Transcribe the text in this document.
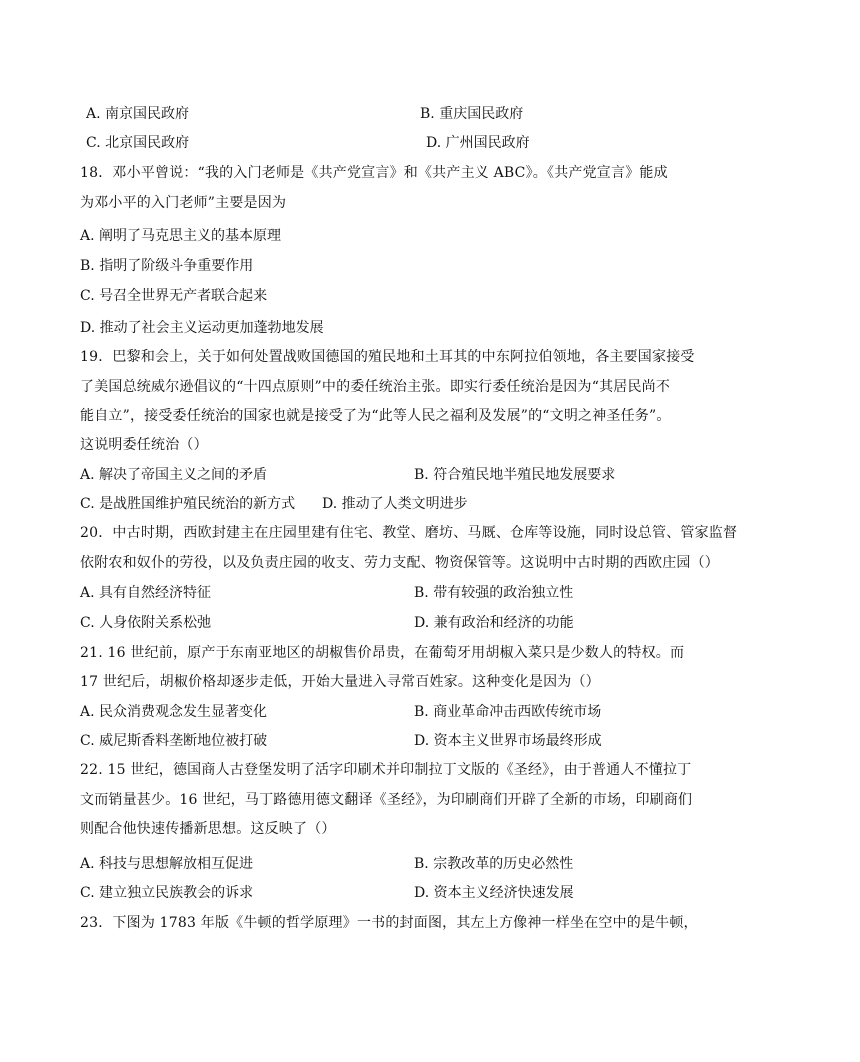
A. 南京国民政府	B. 重庆国民政府
C. 北京国民政府	D. 广州国民政府
18．邓小平曾说：“我的入门老师是《共产党宣言》和《共产主义 ABC》。《共产党宣言》能成
为邓小平的入门老师”主要是因为
A. 阐明了马克思主义的基本原理
B. 指明了阶级斗争重要作用
C. 号召全世界无产者联合起来
D. 推动了社会主义运动更加蓬勃地发展
19．巴黎和会上，关于如何处置战败国德国的殖民地和土耳其的中东阿拉伯领地，各主要国家接受
了美国总统威尔逊倡议的“十四点原则”中的委任统治主张。即实行委任统治是因为“其居民尚不
能自立”，接受委任统治的国家也就是接受了为“此等人民之福利及发展”的“文明之神圣任务”。
这说明委任统治（）
A. 解决了帝国主义之间的矛盾	B. 符合殖民地半殖民地发展要求
C. 是战胜国维护殖民统治的新方式 D. 推动了人类文明进步
20．中古时期，西欧封建主在庄园里建有住宅、教堂、磨坊、马厩、仓库等设施，同时设总管、管家监督
依附农和奴仆的劳役，以及负责庄园的收支、劳力支配、物资保管等。这说明中古时期的西欧庄园（）
A. 具有自然经济特征	B. 带有较强的政治独立性
C. 人身依附关系松弛	D. 兼有政治和经济的功能
21. 16 世纪前，原产于东南亚地区的胡椒售价昂贵，在葡萄牙用胡椒入菜只是少数人的特权。而
17 世纪后，胡椒价格却逐步走低，开始大量进入寻常百姓家。这种变化是因为（）
A. 民众消费观念发生显著变化	B. 商业革命冲击西欧传统市场
C. 威尼斯香料垄断地位被打破	D. 资本主义世界市场最终形成
22. 15 世纪，德国商人古登堡发明了活字印刷术并印制拉丁文版的《圣经》，由于普通人不懂拉丁
文而销量甚少。16 世纪，马丁路德用德文翻译《圣经》，为印刷商们开辟了全新的市场，印刷商们
则配合他快速传播新思想。这反映了（）
A. 科技与思想解放相互促进	B. 宗教改革的历史必然性
C. 建立独立民族教会的诉求	D. 资本主义经济快速发展
23．下图为 1783 年版《牛顿的哲学原理》一书的封面图，其左上方像神一样坐在空中的是牛顿，
